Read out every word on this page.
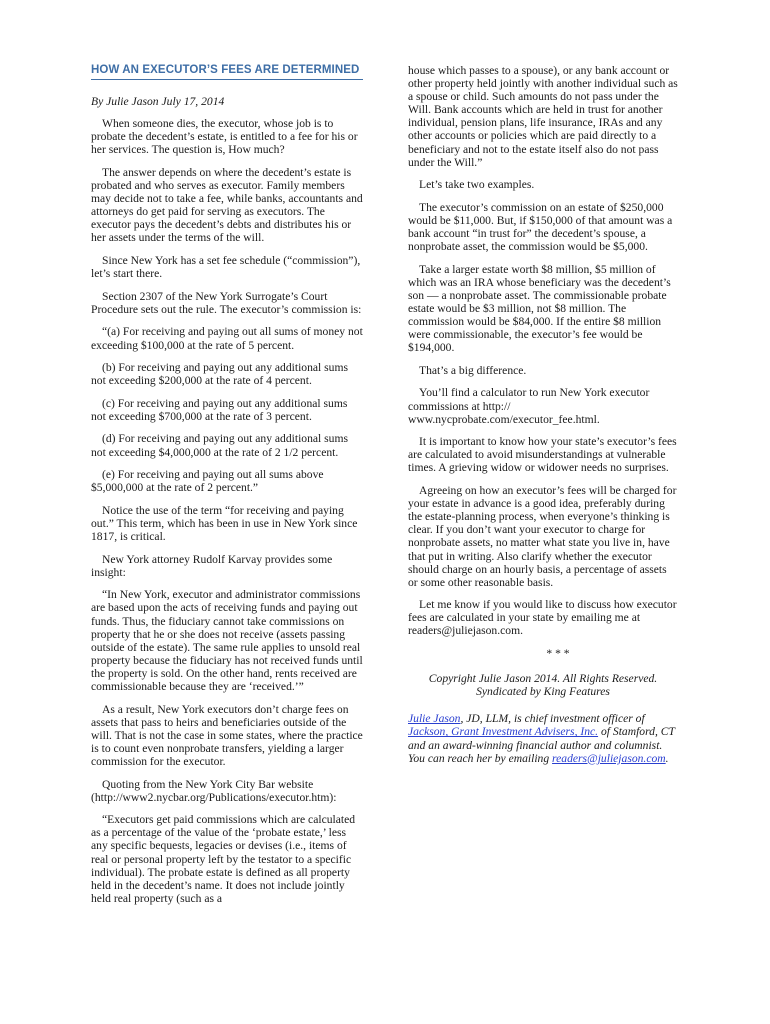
HOW AN EXECUTOR’S FEES ARE DETERMINED
By Julie Jason July 17, 2014

When someone dies, the executor, whose job is to probate the decedent’s estate, is entitled to a fee for his or her services. The question is, How much?

The answer depends on where the decedent’s estate is probated and who serves as executor. Family members may decide not to take a fee, while banks, accountants and attorneys do get paid for serving as executors. The executor pays the decedent’s debts and distributes his or her assets under the terms of the will.

Since New York has a set fee schedule (“commission”), let’s start there.

Section 2307 of the New York Surrogate’s Court Procedure sets out the rule. The executor’s commission is:

“(a) For receiving and paying out all sums of money not exceeding $100,000 at the rate of 5 percent.

(b) For receiving and paying out any additional sums not exceeding $200,000 at the rate of 4 percent.

(c) For receiving and paying out any additional sums not exceeding $700,000 at the rate of 3 percent.

(d) For receiving and paying out any additional sums not exceeding $4,000,000 at the rate of 2 1/2 percent.

(e) For receiving and paying out all sums above $5,000,000 at the rate of 2 percent.”

Notice the use of the term “for receiving and paying out.” This term, which has been in use in New York since 1817, is critical.

New York attorney Rudolf Karvay provides some insight:

“In New York, executor and administrator commissions are based upon the acts of receiving funds and paying out funds. Thus, the fiduciary cannot take commissions on property that he or she does not receive (assets passing outside of the estate). The same rule applies to unsold real property because the fiduciary has not received funds until the property is sold. On the other hand, rents received are commissionable because they are ‘received.’”

As a result, New York executors don’t charge fees on assets that pass to heirs and beneficiaries outside of the will. That is not the case in some states, where the practice is to count even nonprobate transfers, yielding a larger commission for the executor.

Quoting from the New York City Bar website (http://www2.nycbar.org/Publications/executor.htm):

“Executors get paid commissions which are calculated as a percentage of the value of the ‘probate estate,’ less any specific bequests, legacies or devises (i.e., items of real or personal property left by the testator to a specific individual). The probate estate is defined as all property held in the decedent’s name. It does not include jointly held real property (such as a

house which passes to a spouse), or any bank account or other property held jointly with another individual such as a spouse or child. Such amounts do not pass under the Will. Bank accounts which are held in trust for another individual, pension plans, life insurance, IRAs and any other accounts or policies which are paid directly to a beneficiary and not to the estate itself also do not pass under the Will.”

Let’s take two examples.

The executor’s commission on an estate of $250,000 would be $11,000. But, if $150,000 of that amount was a bank account “in trust for” the decedent’s spouse, a nonprobate asset, the commission would be $5,000.

Take a larger estate worth $8 million, $5 million of which was an IRA whose beneficiary was the decedent’s son — a nonprobate asset. The commissionable probate estate would be $3 million, not $8 million. The commission would be $84,000. If the entire $8 million were commissionable, the executor’s fee would be $194,000.

That’s a big difference.

You’ll find a calculator to run New York executor commissions at http:// www.nycprobate.com/executor_fee.html.

It is important to know how your state’s executor’s fees are calculated to avoid misunderstandings at vulnerable times. A grieving widow or widower needs no surprises.

Agreeing on how an executor’s fees will be charged for your estate in advance is a good idea, preferably during the estate-planning process, when everyone’s thinking is clear. If you don’t want your executor to charge for nonprobate assets, no matter what state you live in, have that put in writing. Also clarify whether the executor should charge on an hourly basis, a percentage of assets or some other reasonable basis.

Let me know if you would like to discuss how executor fees are calculated in your state by emailing me at readers@juliejason.com.

* * *
Copyright Julie Jason 2014. All Rights Reserved.
Syndicated by King Features

Julie Jason, JD, LLM, is chief investment officer of Jackson, Grant Investment Advisers, Inc. of Stamford, CT and an award-winning financial author and columnist. You can reach her by emailing readers@juliejason.com.
